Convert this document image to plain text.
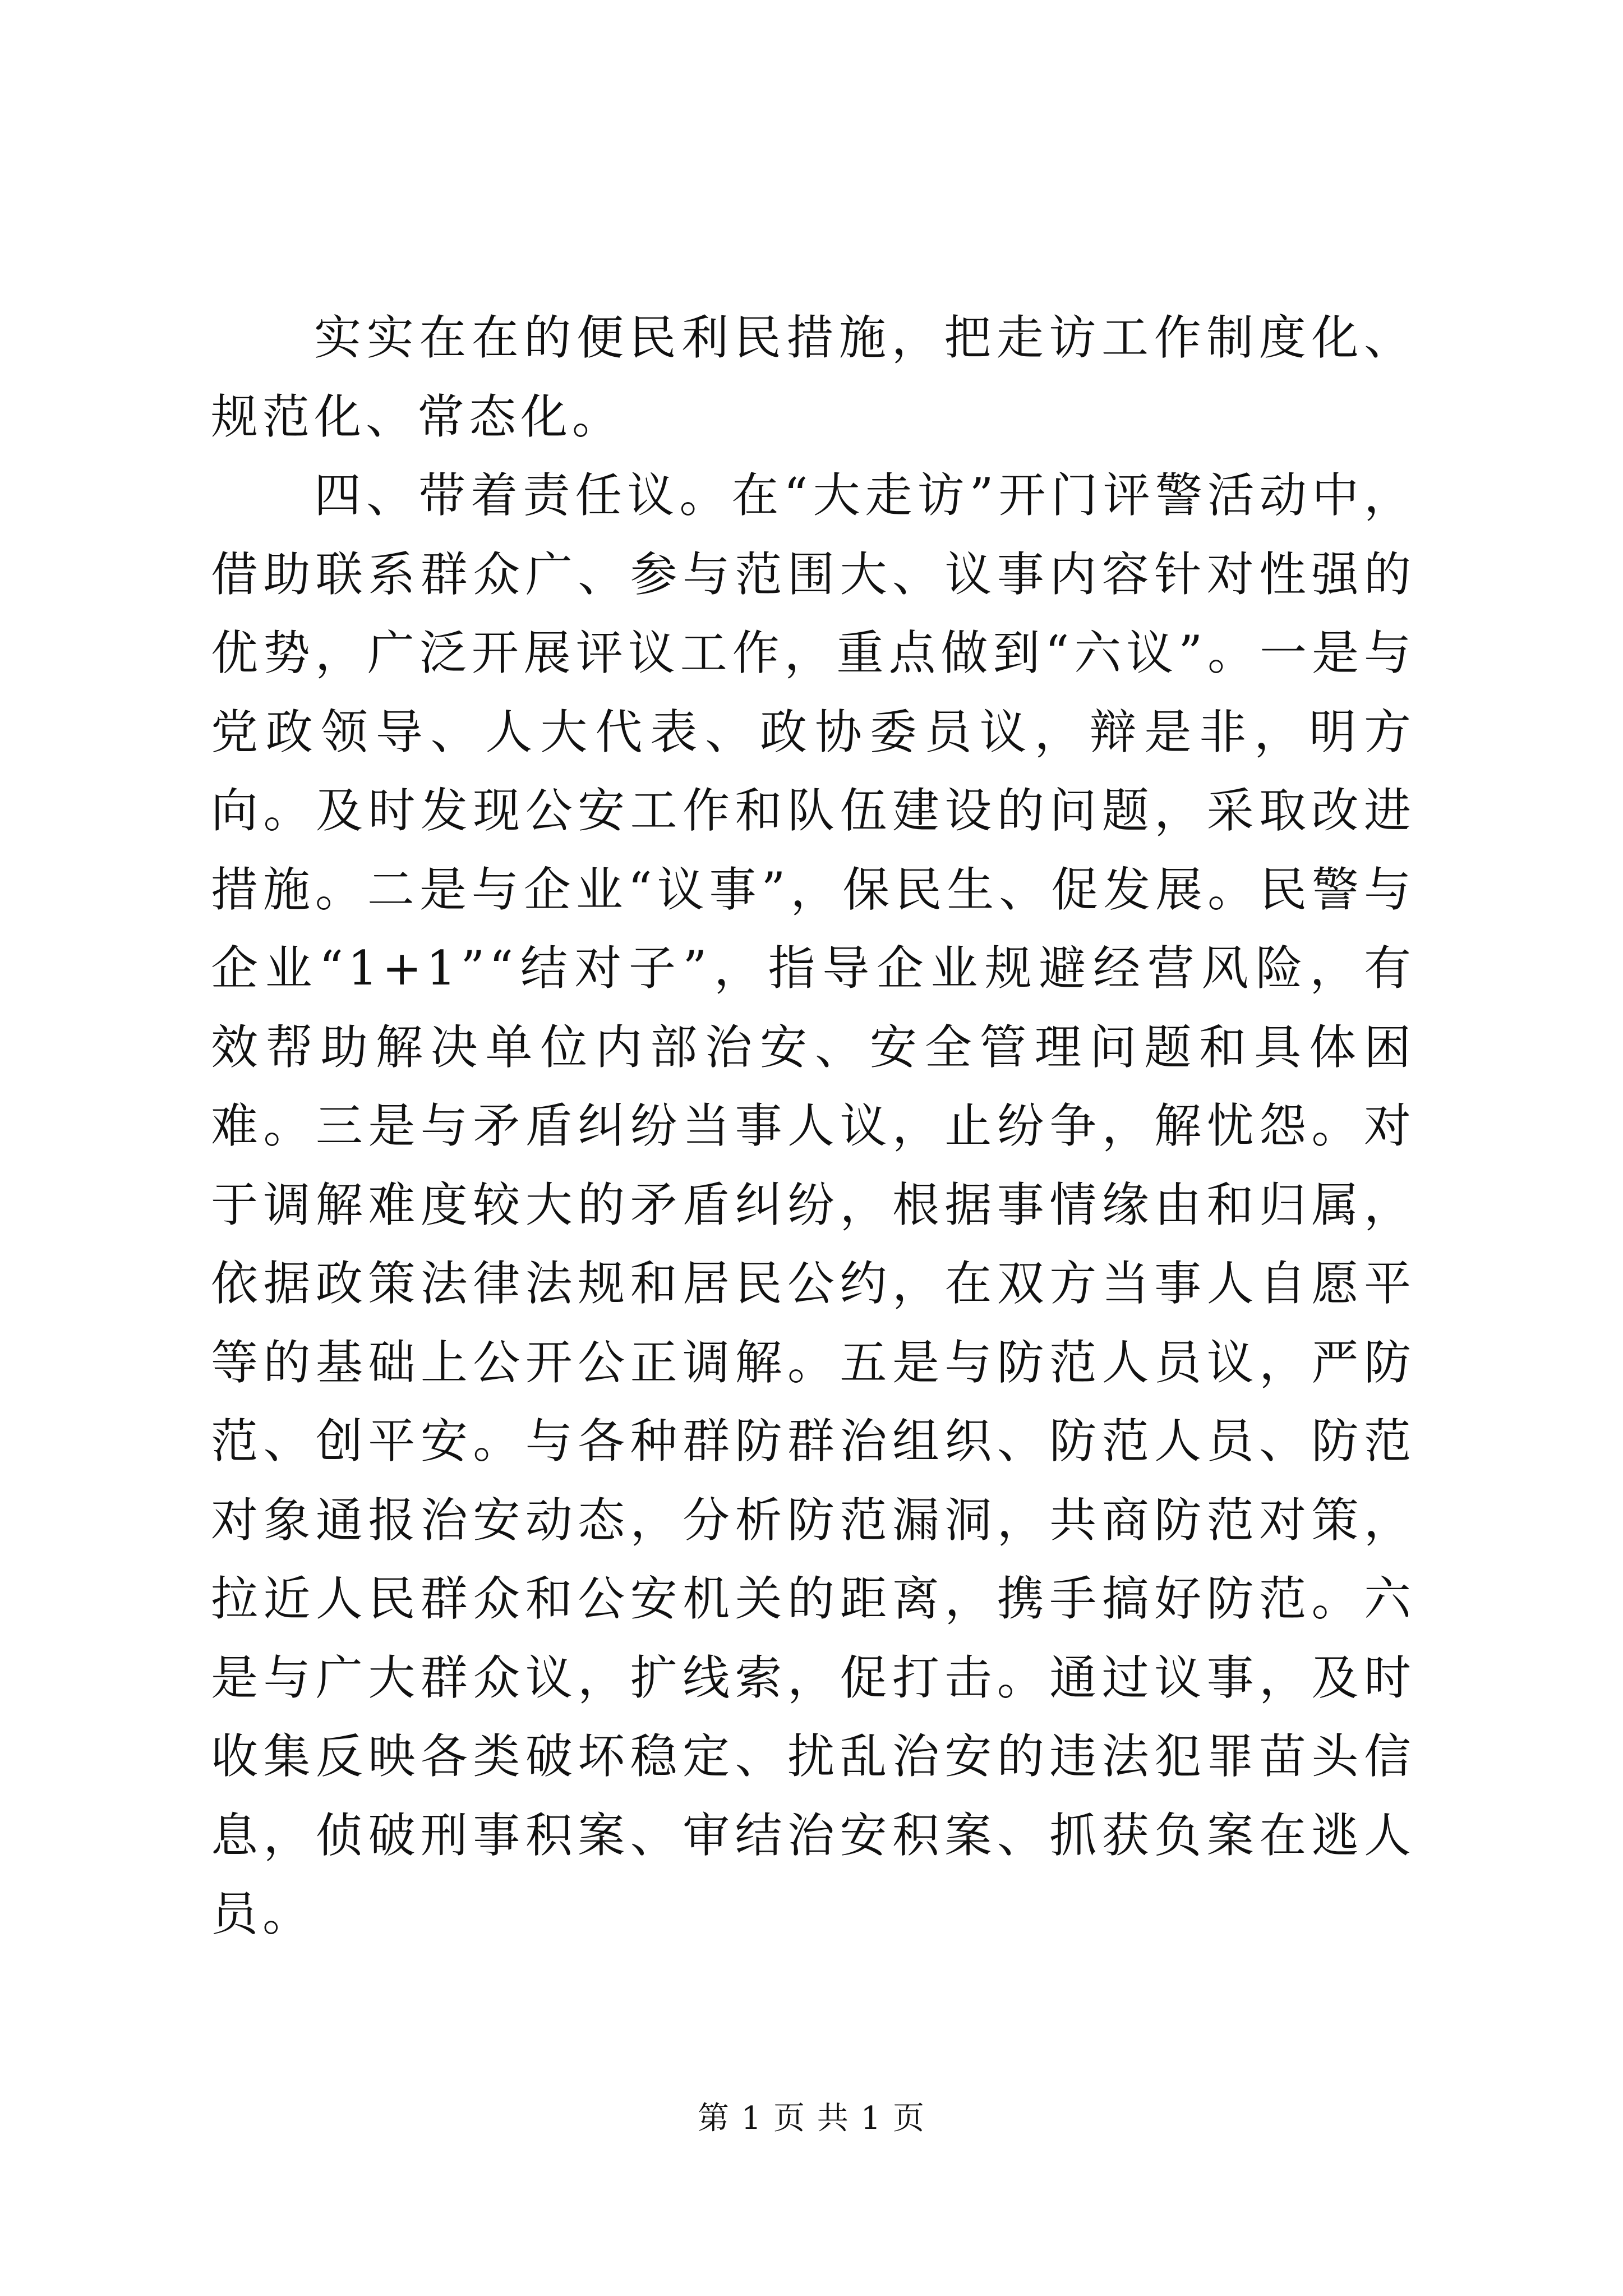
实实在在的便民利民措施，把走访工作制度化、规范化、常态化。

四、带着责任议。在“大走访”开门评警活动中，借助联系群众广、参与范围大、议事内容针对性强的优势，广泛开展评议工作，重点做到“六议”。一是与党政领导、人大代表、政协委员议，辩是非，明方向。及时发现公安工作和队伍建设的问题，采取改进措施。二是与企业“议事”，保民生、促发展。民警与企业“1+1”“结对子”，指导企业规避经营风险，有效帮助解决单位内部治安、安全管理问题和具体困难。三是与矛盾纠纷当事人议，止纷争，解忧怨。对于调解难度较大的矛盾纠纷，根据事情缘由和归属，依据政策法律法规和居民公约，在双方当事人自愿平等的基础上公开公正调解。五是与防范人员议，严防范、创平安。与各种群防群治组织、防范人员、防范对象通报治安动态，分析防范漏洞，共商防范对策，拉近人民群众和公安机关的距离，携手搞好防范。六是与广大群众议，扩线索，促打击。通过议事，及时收集反映各类破坏稳定、扰乱治安的违法犯罪苗头信息，侦破刑事积案、审结治安积案、抓获负案在逃人员。

第 1 页 共 1 页
